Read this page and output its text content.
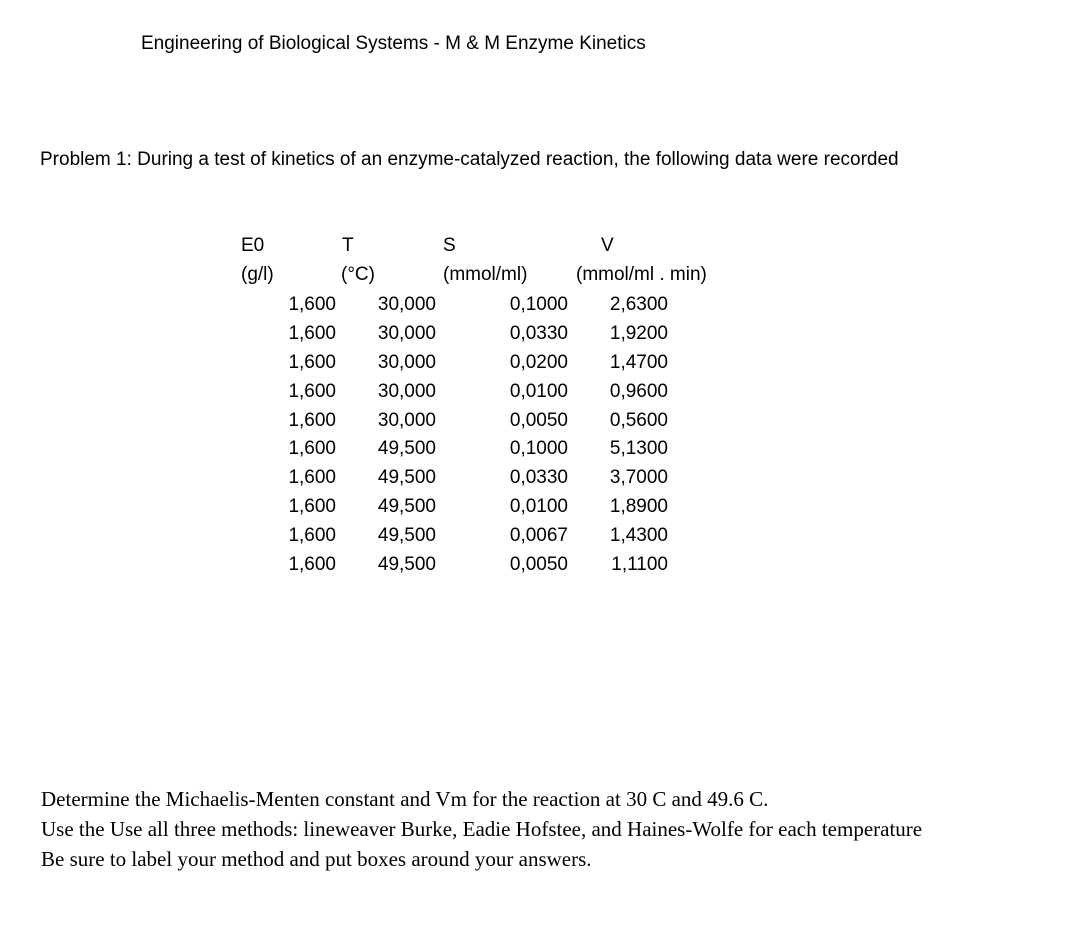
Engineering of Biological Systems - M & M Enzyme Kinetics
Problem 1: During a test of kinetics of an enzyme-catalyzed reaction, the following data were recorded
E0	T	S	V
(g/l)	(°C)	(mmol/ml)	(mmol/ml . min)
1,600	30,000	0,1000	2,6300
1,600	30,000	0,0330	1,9200
1,600	30,000	0,0200	1,4700
1,600	30,000	0,0100	0,9600
1,600	30,000	0,0050	0,5600
1,600	49,500	0,1000	5,1300
1,600	49,500	0,0330	3,7000
1,600	49,500	0,0100	1,8900
1,600	49,500	0,0067	1,4300
1,600	49,500	0,0050	1,1100
Determine the Michaelis-Menten constant and Vm for the reaction at 30 C and 49.6 C.
Use the Use all three methods: lineweaver Burke, Eadie Hofstee, and Haines-Wolfe for each temperature
Be sure to label your method and put boxes around your answers.
